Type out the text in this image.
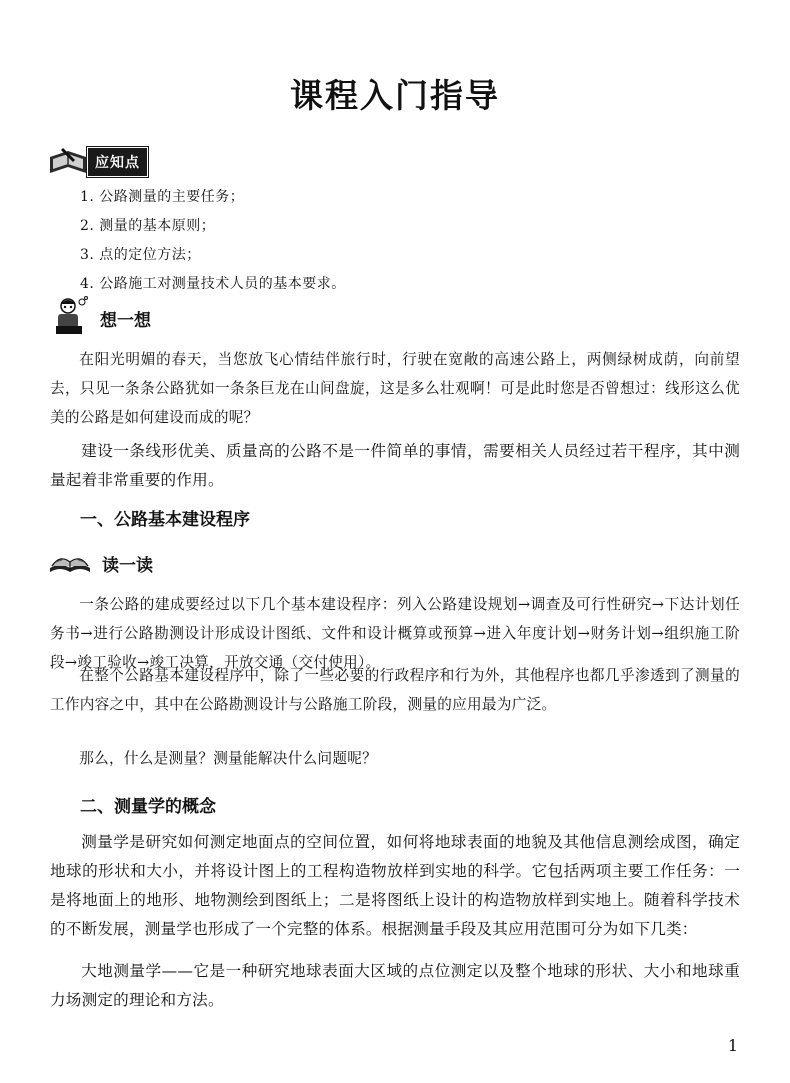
课程入门指导
应知点
1. 公路测量的主要任务；
2. 测量的基本原则；
3. 点的定位方法；
4. 公路施工对测量技术人员的基本要求。
想一想

在阳光明媚的春天，当您放飞心情结伴旅行时，行驶在宽敞的高速公路上，两侧绿树成荫，向前望去，只见一条条公路犹如一条条巨龙在山间盘旋，这是多么壮观啊！可是此时您是否曾想过：线形这么优美的公路是如何建设而成的呢？

建设一条线形优美、质量高的公路不是一件简单的事情，需要相关人员经过若干程序，其中测量起着非常重要的作用。

一、公路基本建设程序
读一读

一条公路的建成要经过以下几个基本建设程序：列入公路建设规划→调查及可行性研究→下达计划任务书→进行公路勘测设计形成设计图纸、文件和设计概算或预算→进入年度计划→财务计划→组织施工阶段→竣工验收→竣工决算，开放交通（交付使用）。

在整个公路基本建设程序中，除了一些必要的行政程序和行为外，其他程序也都几乎渗透到了测量的工作内容之中，其中在公路勘测设计与公路施工阶段，测量的应用最为广泛。

那么，什么是测量？测量能解决什么问题呢？

二、测量学的概念

测量学是研究如何测定地面点的空间位置，如何将地球表面的地貌及其他信息测绘成图，确定地球的形状和大小，并将设计图上的工程构造物放样到实地的科学。它包括两项主要工作任务：一是将地面上的地形、地物测绘到图纸上；二是将图纸上设计的构造物放样到实地上。随着科学技术的不断发展，测量学也形成了一个完整的体系。根据测量手段及其应用范围可分为如下几类：

大地测量学——它是一种研究地球表面大区域的点位测定以及整个地球的形状、大小和地球重力场测定的理论和方法。

1
